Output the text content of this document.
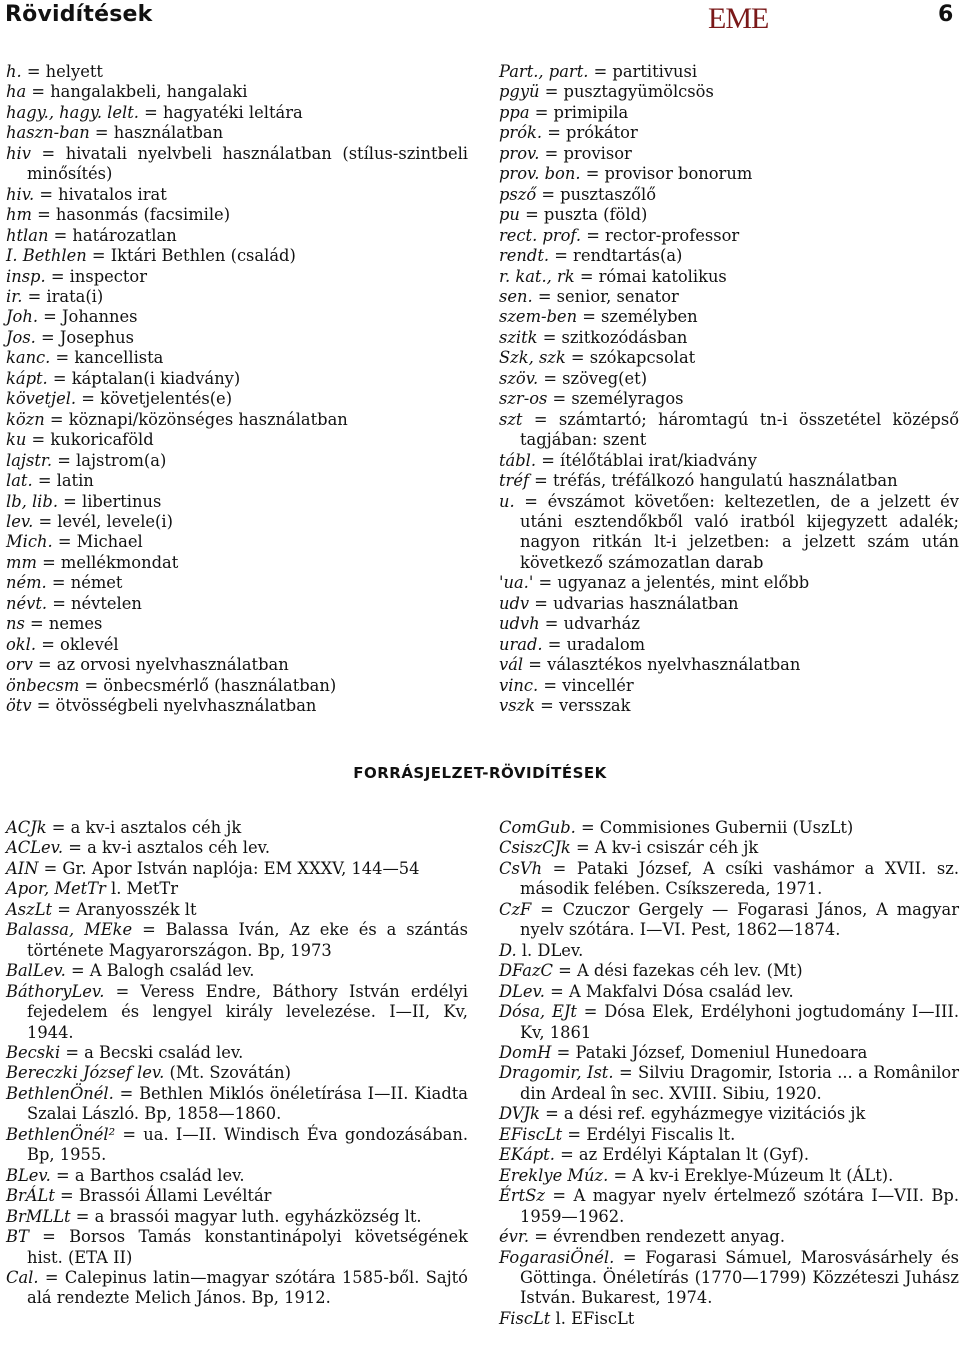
Rövidítések	EME	6

h. = helyett

ha = hangalakbeli, hangalaki

hagy., hagy. lelt. = hagyatéki leltára

haszn-ban = használatban

hiv = hivatali nyelvbeli használatban (stílus-szintbeli minősítés)

hiv. = hivatalos irat

hm = hasonmás (facsimile)

htlan = határozatlan

I. Bethlen = Iktári Bethlen (család)

insp. = inspector

ir. = irata(i)

Joh. = Johannes

Jos. = Josephus

kanc. = kancellista

kápt. = káptalan(i kiadvány)

követjel. = követjelentés(e)

közn = köznapi/közönséges használatban

ku = kukoricaföld

lajstr. = lajstrom(a)

lat. = latin

lb, lib. = libertinus

lev. = levél, levele(i)

Mich. = Michael

mm = mellékmondat

ném. = német

névt. = névtelen

ns = nemes

okl. = oklevél

orv = az orvosi nyelvhasználatban

önbecsm = önbecsmérlő (használatban)

ötv = ötvösségbeli nyelvhasználatban

Part., part. = partitivusi

pgyü = pusztagyümölcsös

ppa = primipila

prók. = prókátor

prov. = provisor

prov. bon. = provisor bonorum

psző = pusztaszőlő

pu = puszta (föld)

rect. prof. = rector-professor

rendt. = rendtartás(a)

r. kat., rk = római katolikus

sen. = senior, senator

szem-ben = személyben

szitk = szitkozódásban

Szk, szk = szókapcsolat

szöv. = szöveg(et)

szr-os = személyragos

szt = számtartó; háromtagú tn-i összetétel középső tagjában: szent

tábl. = ítélőtáblai irat/kiadvány

tréf = tréfás, tréfálkozó hangulatú használatban

u. = évszámot követően: keltezetlen, de a jelzett év utáni esztendőkből való iratból kijegyzett adalék; nagyon ritkán lt-i jelzetben: a jelzett szám után következő számozatlan darab

'ua.' = ugyanaz a jelentés, mint előbb

udv = udvarias használatban

udvh = udvarház

urad. = uradalom

vál = választékos nyelvhasználatban

vinc. = vincellér

vszk = versszak

FORRÁSJELZET-RÖVIDÍTÉSEK

ACJk = a kv-i asztalos céh jk

ACLev. = a kv-i asztalos céh lev.

AIN = Gr. Apor István naplója: EM XXXV, 144—54

Apor, MetTr l. MetTr

AszLt = Aranyosszék lt

Balassa, MEke = Balassa Iván, Az eke és a szántás története Magyarországon. Bp, 1973

BalLev. = A Balogh család lev.

BáthoryLev. = Veress Endre, Báthory István erdélyi fejedelem és lengyel király levelezése. I—II, Kv, 1944.

Becski = a Becski család lev.

Bereczki József lev. (Mt. Szovátán)

BethlenÖnél. = Bethlen Miklós önéletírása I—II. Kiadta Szalai László. Bp, 1858—1860.

BethlenÖnél² = ua. I—II. Windisch Éva gondozásában. Bp, 1955.

BLev. = a Barthos család lev.

BrÁLt = Brassói Állami Levéltár

BrMLLt = a brassói magyar luth. egyházközség lt.

BT = Borsos Tamás konstantinápolyi követségének hist. (ETA II)

Cal. = Calepinus latin—magyar szótára 1585-ből. Sajtó alá rendezte Melich János. Bp, 1912.

ComGub. = Commisiones Gubernii (UszLt)

CsiszCJk = A kv-i csiszár céh jk

CsVh = Pataki József, A csíki vashámor a XVII. sz. második felében. Csíkszereda, 1971.

CzF = Czuczor Gergely — Fogarasi János, A magyar nyelv szótára. I—VI. Pest, 1862—1874.

D. l. DLev.

DFazC = A dési fazekas céh lev. (Mt)

DLev. = A Makfalvi Dósa család lev.

Dósa, EJt = Dósa Elek, Erdélyhoni jogtudomány I—III. Kv, 1861

DomH = Pataki József, Domeniul Hunedoara

Dragomir, Ist. = Silviu Dragomir, Istoria ... a Românilor din Ardeal în sec. XVIII. Sibiu, 1920.

DVJk = a dési ref. egyházmegye vizitációs jk

EFiscLt = Erdélyi Fiscalis lt.

EKápt. = az Erdélyi Káptalan lt (Gyf).

Ereklye Múz. = A kv-i Ereklye-Múzeum lt (ÁLt).

ÉrtSz = A magyar nyelv értelmező szótára I—VII. Bp. 1959—1962.

évr. = évrendben rendezett anyag.

FogarasiÖnél. = Fogarasi Sámuel, Marosvásárhely és Göttinga. Önéletírás (1770—1799) Közzéteszi Juhász István. Bukarest, 1974.

FiscLt l. EFiscLt
